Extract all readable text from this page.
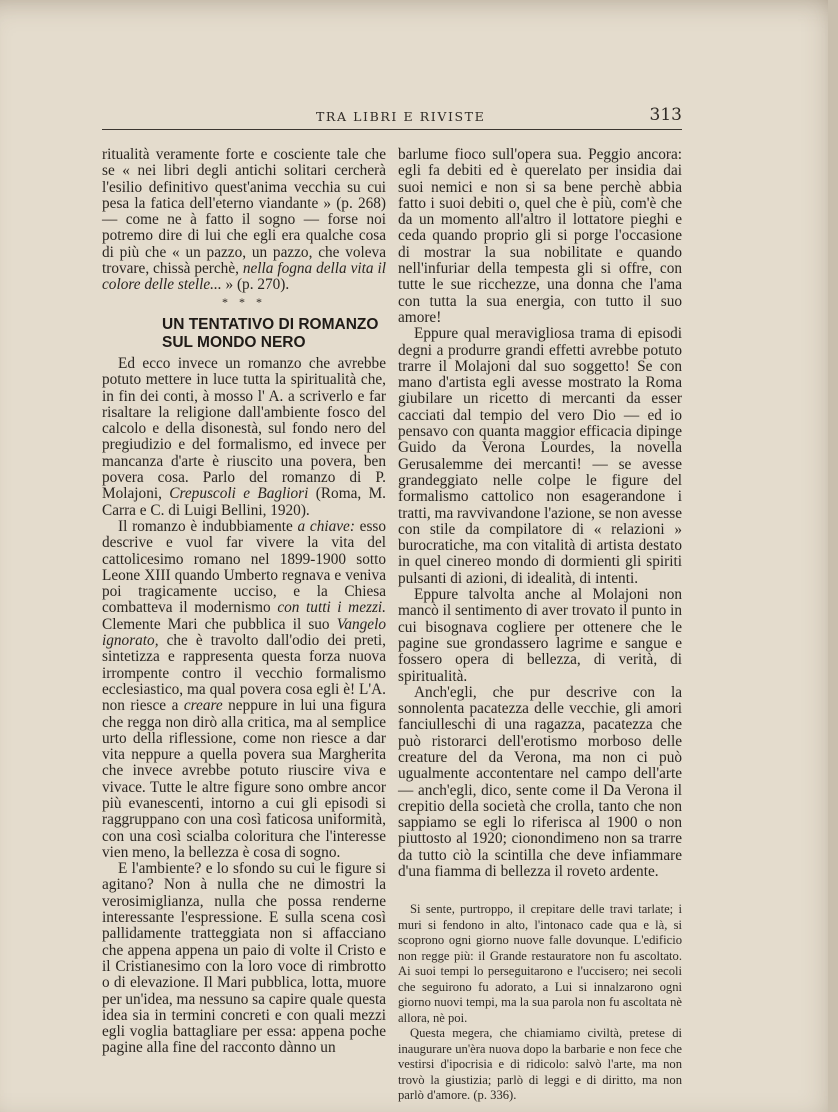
TRA LIBRI E RIVISTE	313

ritualità veramente forte e cosciente tale che se « nei libri degli antichi solitari cercherà l'esilio definitivo quest'anima vecchia su cui pesa la fatica dell'eterno viandante » (p. 268) — come ne à fatto il sogno — forse noi potremo dire di lui che egli era qualche cosa di più che « un pazzo, un pazzo, che voleva trovare, chissà perchè, nella fogna della vita il colore delle stelle... » (p. 270).

* * *
UN TENTATIVO DI ROMANZO
SUL MONDO NERO

Ed ecco invece un romanzo che avrebbe potuto mettere in luce tutta la spiritualità che, in fin dei conti, à mosso l' A. a scriverlo e far risaltare la religione dall'ambiente fosco del calcolo e della disonestà, sul fondo nero del pregiudizio e del formalismo, ed invece per mancanza d'arte è riuscito una povera, ben povera cosa. Parlo del romanzo di P. Molajoni, Crepuscoli e Bagliori (Roma, M. Carra e C. di Luigi Bellini, 1920).

Il romanzo è indubbiamente a chiave: esso descrive e vuol far vivere la vita del cattolicesimo romano nel 1899-1900 sotto Leone XIII quando Umberto regnava e veniva poi tragicamente ucciso, e la Chiesa combatteva il modernismo con tutti i mezzi. Clemente Mari che pubblica il suo Vangelo ignorato, che è travolto dall'odio dei preti, sintetizza e rappresenta questa forza nuova irrompente contro il vecchio formalismo ecclesiastico, ma qual povera cosa egli è! L'A. non riesce a creare neppure in lui una figura che regga non dirò alla critica, ma al semplice urto della riflessione, come non riesce a dar vita neppure a quella povera sua Margherita che invece avrebbe potuto riuscire viva e vivace. Tutte le altre figure sono ombre ancor più evanescenti, intorno a cui gli episodi si raggruppano con una così faticosa uniformità, con una così scialba coloritura che l'interesse vien meno, la bellezza è cosa di sogno.

E l'ambiente? e lo sfondo su cui le figure si agitano? Non à nulla che ne dimostri la verosimiglianza, nulla che possa renderne interessante l'espressione. E sulla scena così pallidamente tratteggiata non si affacciano che appena appena un paio di volte il Cristo e il Cristianesimo con la loro voce di rimbrotto o di elevazione. Il Mari pubblica, lotta, muore per un'idea, ma nessuno sa capire quale questa idea sia in termini concreti e con quali mezzi egli voglia battagliare per essa: appena poche pagine alla fine del racconto dànno un

barlume fioco sull'opera sua. Peggio ancora: egli fa debiti ed è querelato per insidia dai suoi nemici e non si sa bene perchè abbia fatto i suoi debiti o, quel che è più, com'è che da un momento all'altro il lottatore pieghi e ceda quando proprio gli si porge l'occasione di mostrar la sua nobilitate e quando nell'infuriar della tempesta gli si offre, con tutte le sue ricchezze, una donna che l'ama con tutta la sua energia, con tutto il suo amore!

Eppure qual meravigliosa trama di episodi degni a produrre grandi effetti avrebbe potuto trarre il Molajoni dal suo soggetto! Se con mano d'artista egli avesse mostrato la Roma giubilare un ricetto di mercanti da esser cacciati dal tempio del vero Dio — ed io pensavo con quanta maggior efficacia dipinge Guido da Verona Lourdes, la novella Gerusalemme dei mercanti! — se avesse grandeggiato nelle colpe le figure del formalismo cattolico non esagerandone i tratti, ma ravvivandone l'azione, se non avesse con stile da compilatore di « relazioni » burocratiche, ma con vitalità di artista destato in quel cinereo mondo di dormienti gli spiriti pulsanti di azioni, di idealità, di intenti.

Eppure talvolta anche al Molajoni non mancò il sentimento di aver trovato il punto in cui bisognava cogliere per ottenere che le pagine sue grondassero lagrime e sangue e fossero opera di bellezza, di verità, di spiritualità.

Anch'egli, che pur descrive con la sonnolenta pacatezza delle vecchie, gli amori fanciulleschi di una ragazza, pacatezza che può ristorarci dell'erotismo morboso delle creature del da Verona, ma non ci può ugualmente accontentare nel campo dell'arte — anch'egli, dico, sente come il Da Verona il crepitio della società che crolla, tanto che non sappiamo se egli lo riferisca al 1900 o non piuttosto al 1920; cionondimeno non sa trarre da tutto ciò la scintilla che deve infiammare d'una fiamma di bellezza il roveto ardente.

Si sente, purtroppo, il crepitare delle travi tarlate; i muri si fendono in alto, l'intonaco cade qua e là, si scoprono ogni giorno nuove falle dovunque. L'edificio non regge più: il Grande restauratore non fu ascoltato. Ai suoi tempi lo perseguitarono e l'uccisero; nei secoli che seguirono fu adorato, a Lui si innalzarono ogni giorno nuovi tempi, ma la sua parola non fu ascoltata nè allora, nè poi.

Questa megera, che chiamiamo civiltà, pretese di inaugurare un'èra nuova dopo la barbarie e non fece che vestirsi d'ipocrisia e di ridicolo: salvò l'arte, ma non trovò la giustizia; parlò di leggi e di diritto, ma non parlò d'amore. (p. 336).
